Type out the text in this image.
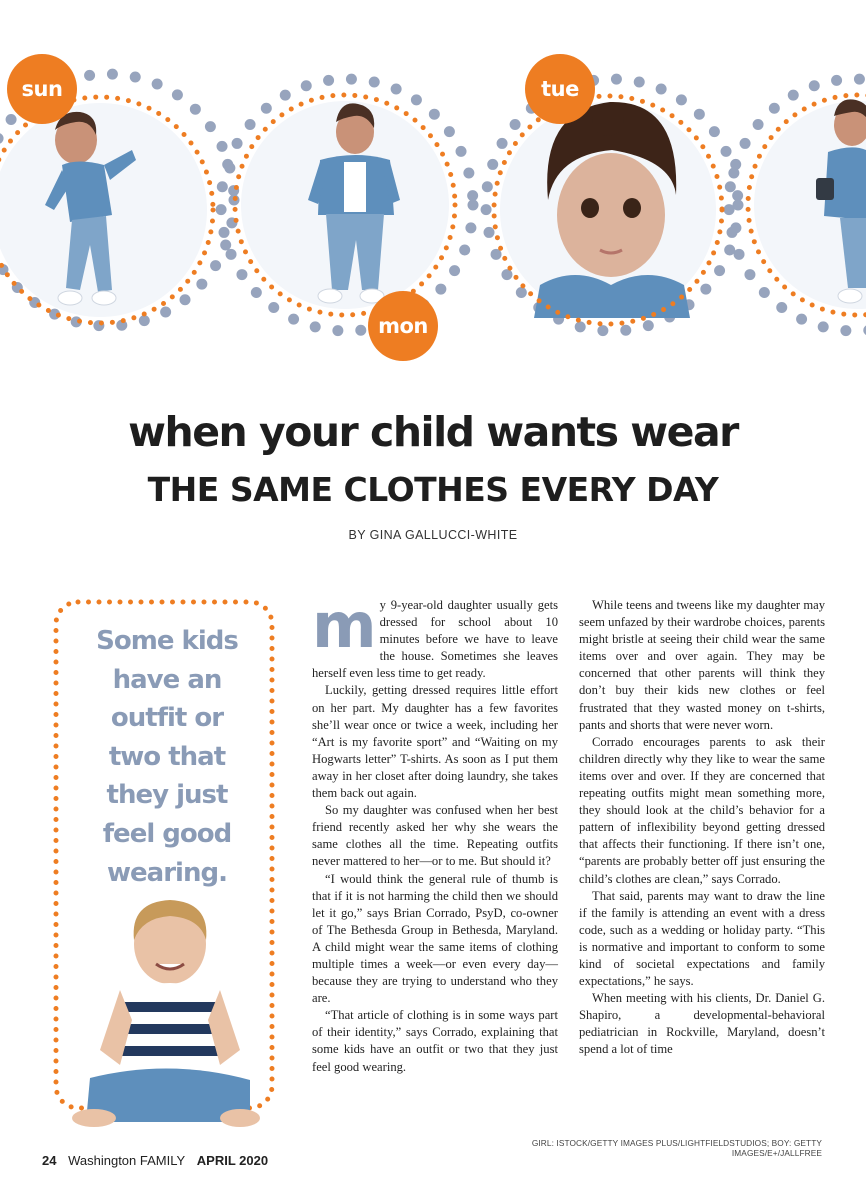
sun
mon
tue
when your child wants wear
THE SAME CLOTHES EVERY DAY
BY GINA GALLUCCI-WHITE
Some kids
have an
outfit or
two that
they just
feel good
wearing.

my 9-year-old daughter usually gets dressed for school about 10 minutes before we have to leave the house. Sometimes she leaves herself even less time to get ready.

Luckily, getting dressed requires little effort on her part. My daughter has a few favorites she’ll wear once or twice a week, including her “Art is my favorite sport” and “Waiting on my Hogwarts letter” T-shirts. As soon as I put them away in her closet after doing laundry, she takes them back out again.

So my daughter was confused when her best friend recently asked her why she wears the same clothes all the time. Repeating outfits never mattered to her—or to me. But should it?

“I would think the general rule of thumb is that if it is not harming the child then we should let it go,” says Brian Corrado, PsyD, co-owner of The Bethesda Group in Bethesda, Maryland. A child might wear the same items of clothing multiple times a week—or even every day—because they are trying to understand who they are.

“That article of clothing is in some ways part of their identity,” says Corrado, explaining that some kids have an outfit or two that they just feel good wearing.

While teens and tweens like my daughter may seem unfazed by their wardrobe choices, parents might bristle at seeing their child wear the same items over and over again. They may be concerned that other parents will think they don’t buy their kids new clothes or feel frustrated that they wasted money on t-shirts, pants and shorts that were never worn.

Corrado encourages parents to ask their children directly why they like to wear the same items over and over. If they are concerned that repeating outfits might mean something more, they should look at the child’s behavior for a pattern of inflexibility beyond getting dressed that affects their functioning. If there isn’t one, “parents are probably better off just ensuring the child’s clothes are clean,” says Corrado.

That said, parents may want to draw the line if the family is attending an event with a dress code, such as a wedding or holiday party. “This is normative and important to conform to some kind of societal expectations and family expectations,” he says.

When meeting with his clients, Dr. Daniel G. Shapiro, a developmental-behavioral pediatrician in Rockville, Maryland, doesn’t spend a lot of time

GIRL: ISTOCK/GETTY IMAGES PLUS/LIGHTFIELDSTUDIOS; BOY: GETTY IMAGES/E+/JALLFREE
24 Washington FAMILY APRIL 2020
